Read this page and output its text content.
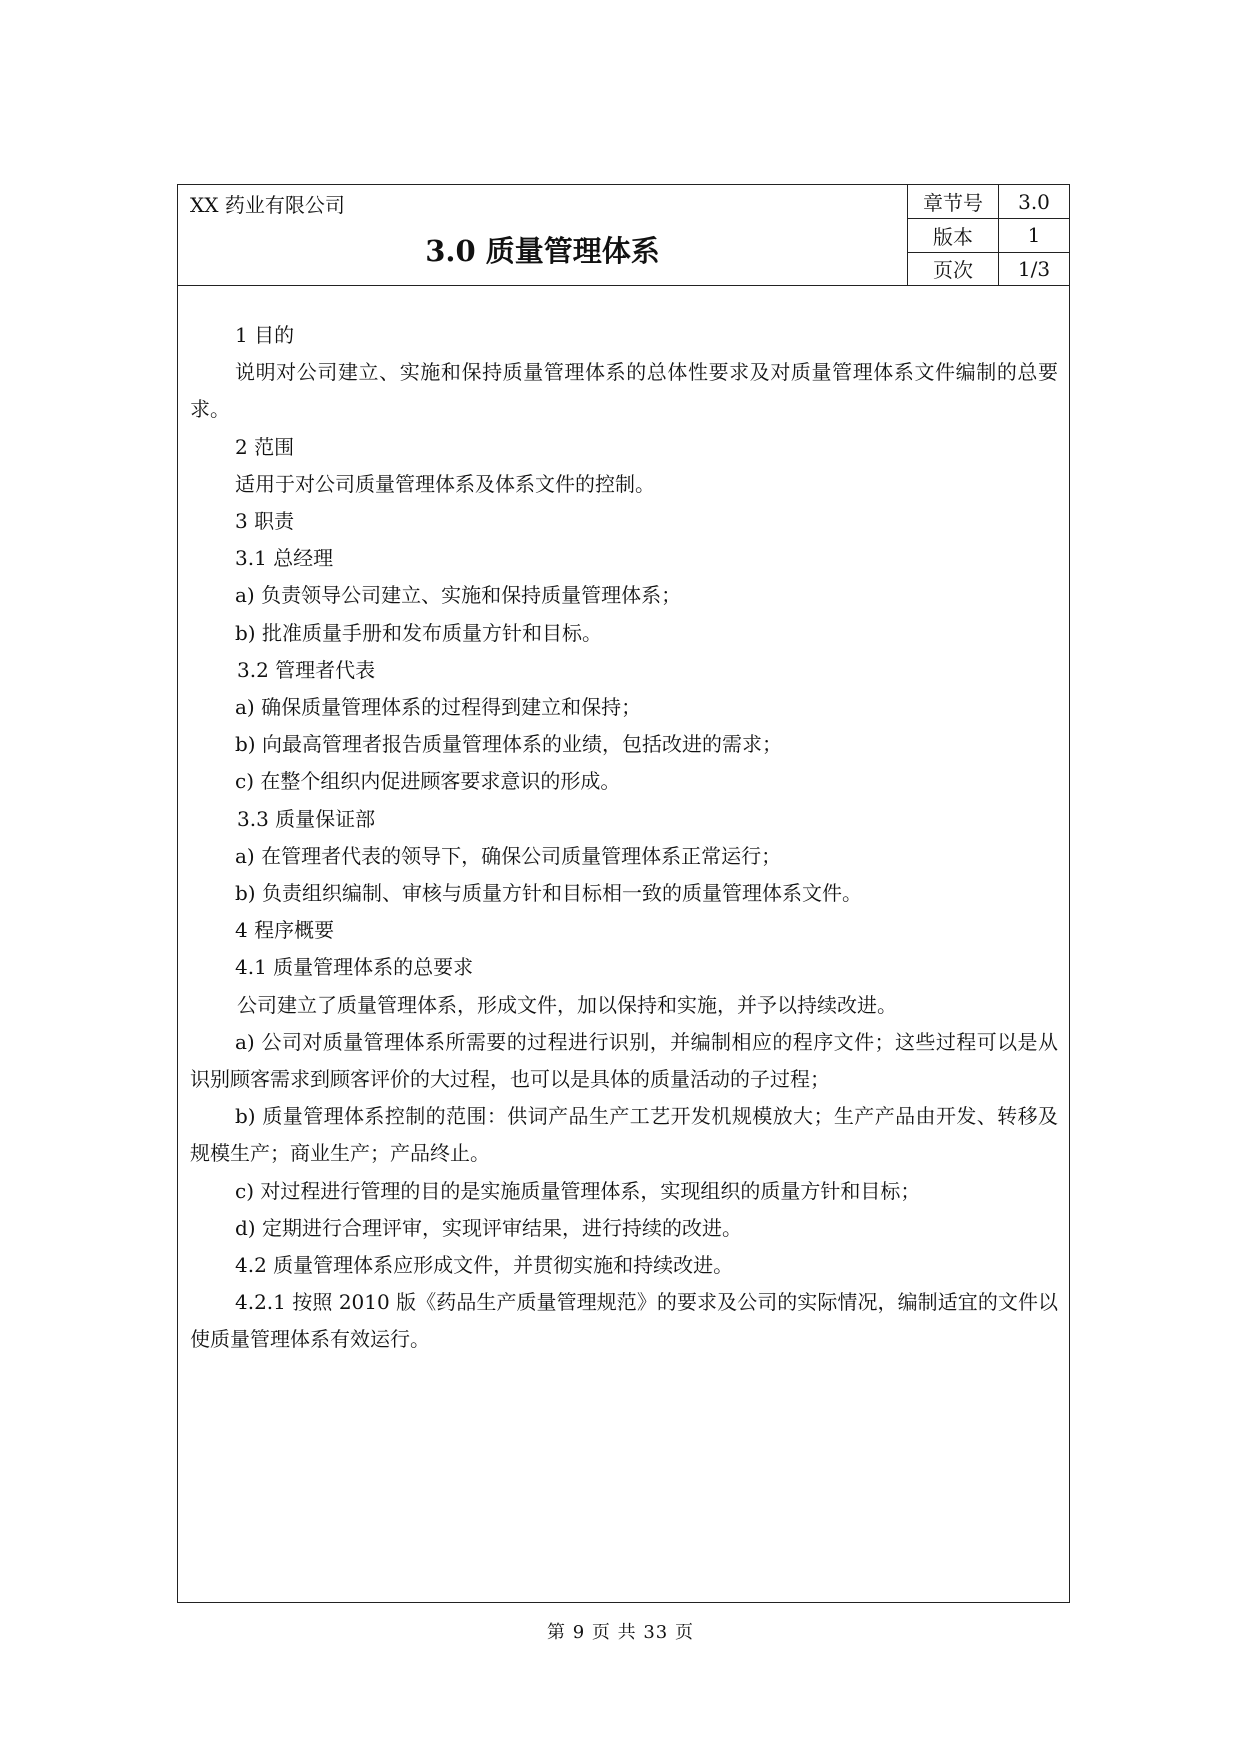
XX 药业有限公司
3.0 质量管理体系
章节号	3.0
版本	1
页次	1/3

1 目的

说明对公司建立、实施和保持质量管理体系的总体性要求及对质量管理体系文件编制的总要求。

2 范围

适用于对公司质量管理体系及体系文件的控制。

3 职责

3.1 总经理

a) 负责领导公司建立、实施和保持质量管理体系；

b) 批准质量手册和发布质量方针和目标。

3.2 管理者代表

a) 确保质量管理体系的过程得到建立和保持；

b) 向最高管理者报告质量管理体系的业绩，包括改进的需求；

c) 在整个组织内促进顾客要求意识的形成。

3.3 质量保证部

a) 在管理者代表的领导下，确保公司质量管理体系正常运行；

b) 负责组织编制、审核与质量方针和目标相一致的质量管理体系文件。

4 程序概要

4.1 质量管理体系的总要求

公司建立了质量管理体系，形成文件，加以保持和实施，并予以持续改进。

a) 公司对质量管理体系所需要的过程进行识别，并编制相应的程序文件；这些过程可以是从识别顾客需求到顾客评价的大过程，也可以是具体的质量活动的子过程；

b) 质量管理体系控制的范围：供词产品生产工艺开发机规模放大；生产产品由开发、转移及规模生产；商业生产；产品终止。

c) 对过程进行管理的目的是实施质量管理体系，实现组织的质量方针和目标；

d) 定期进行合理评审，实现评审结果，进行持续的改进。

4.2 质量管理体系应形成文件，并贯彻实施和持续改进。

4.2.1 按照 2010 版《药品生产质量管理规范》的要求及公司的实际情况，编制适宜的文件以使质量管理体系有效运行。

第 9 页 共 33 页
